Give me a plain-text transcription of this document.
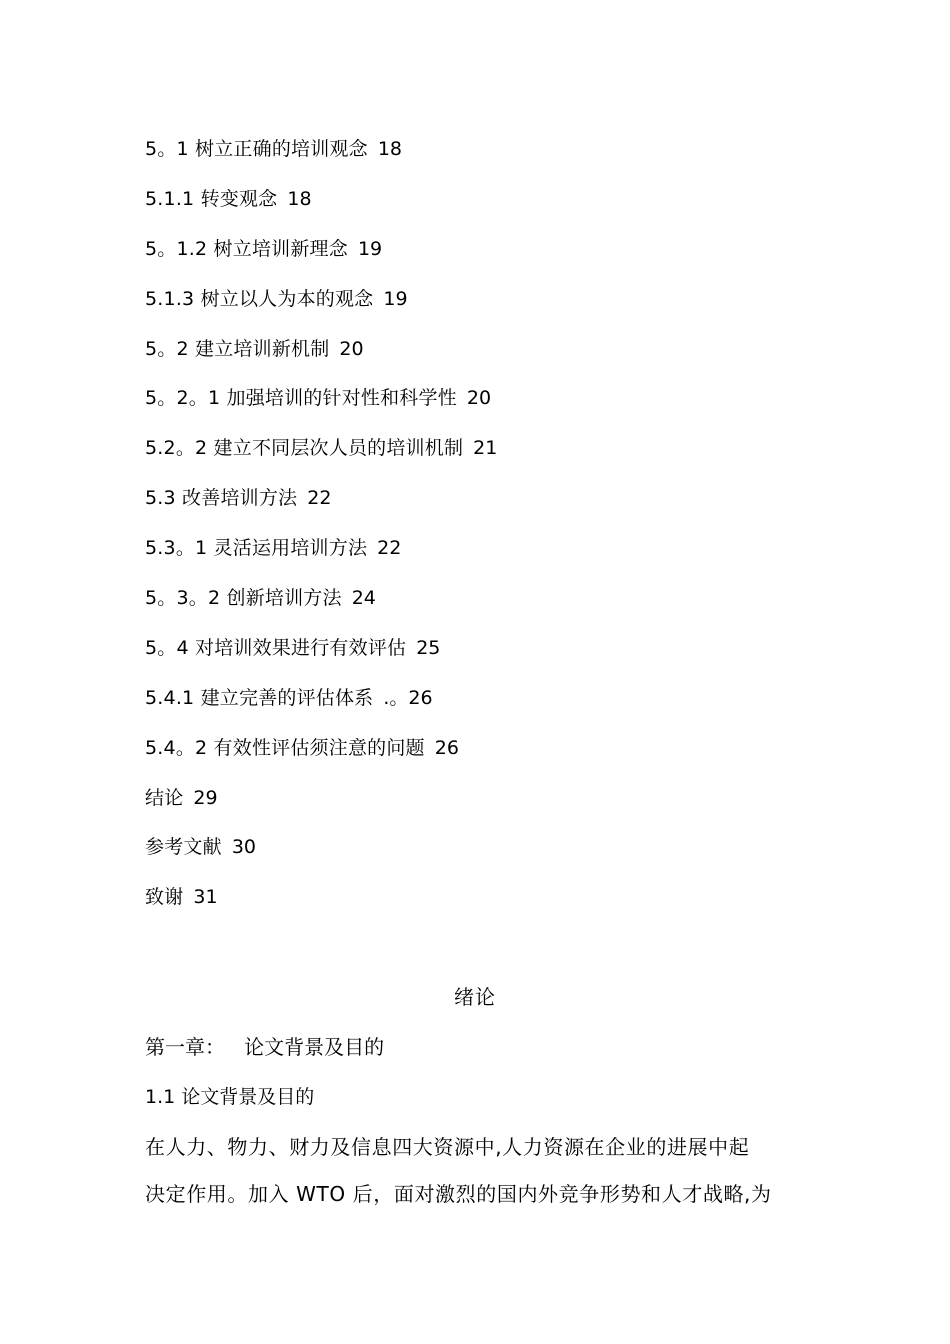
5。1 树立正确的培训观念 18
5.1.1 转变观念 18
5。1.2 树立培训新理念 19
5.1.3 树立以人为本的观念 19
5。2 建立培训新机制 20
5。2。1 加强培训的针对性和科学性 20
5.2。2 建立不同层次人员的培训机制 21
5.3 改善培训方法 22
5.3。1 灵活运用培训方法 22
5。3。2 创新培训方法 24
5。4 对培训效果进行有效评估 25
5.4.1 建立完善的评估体系 .。26
5.4。2 有效性评估须注意的问题 26
结论 29
参考文献 30
致谢 31
绪论
第一章：   论文背景及目的
1.1 论文背景及目的
在人力、物力、财力及信息四大资源中,人力资源在企业的进展中起
决定作用。加入 WTO 后，面对激烈的国内外竞争形势和人才战略,为
